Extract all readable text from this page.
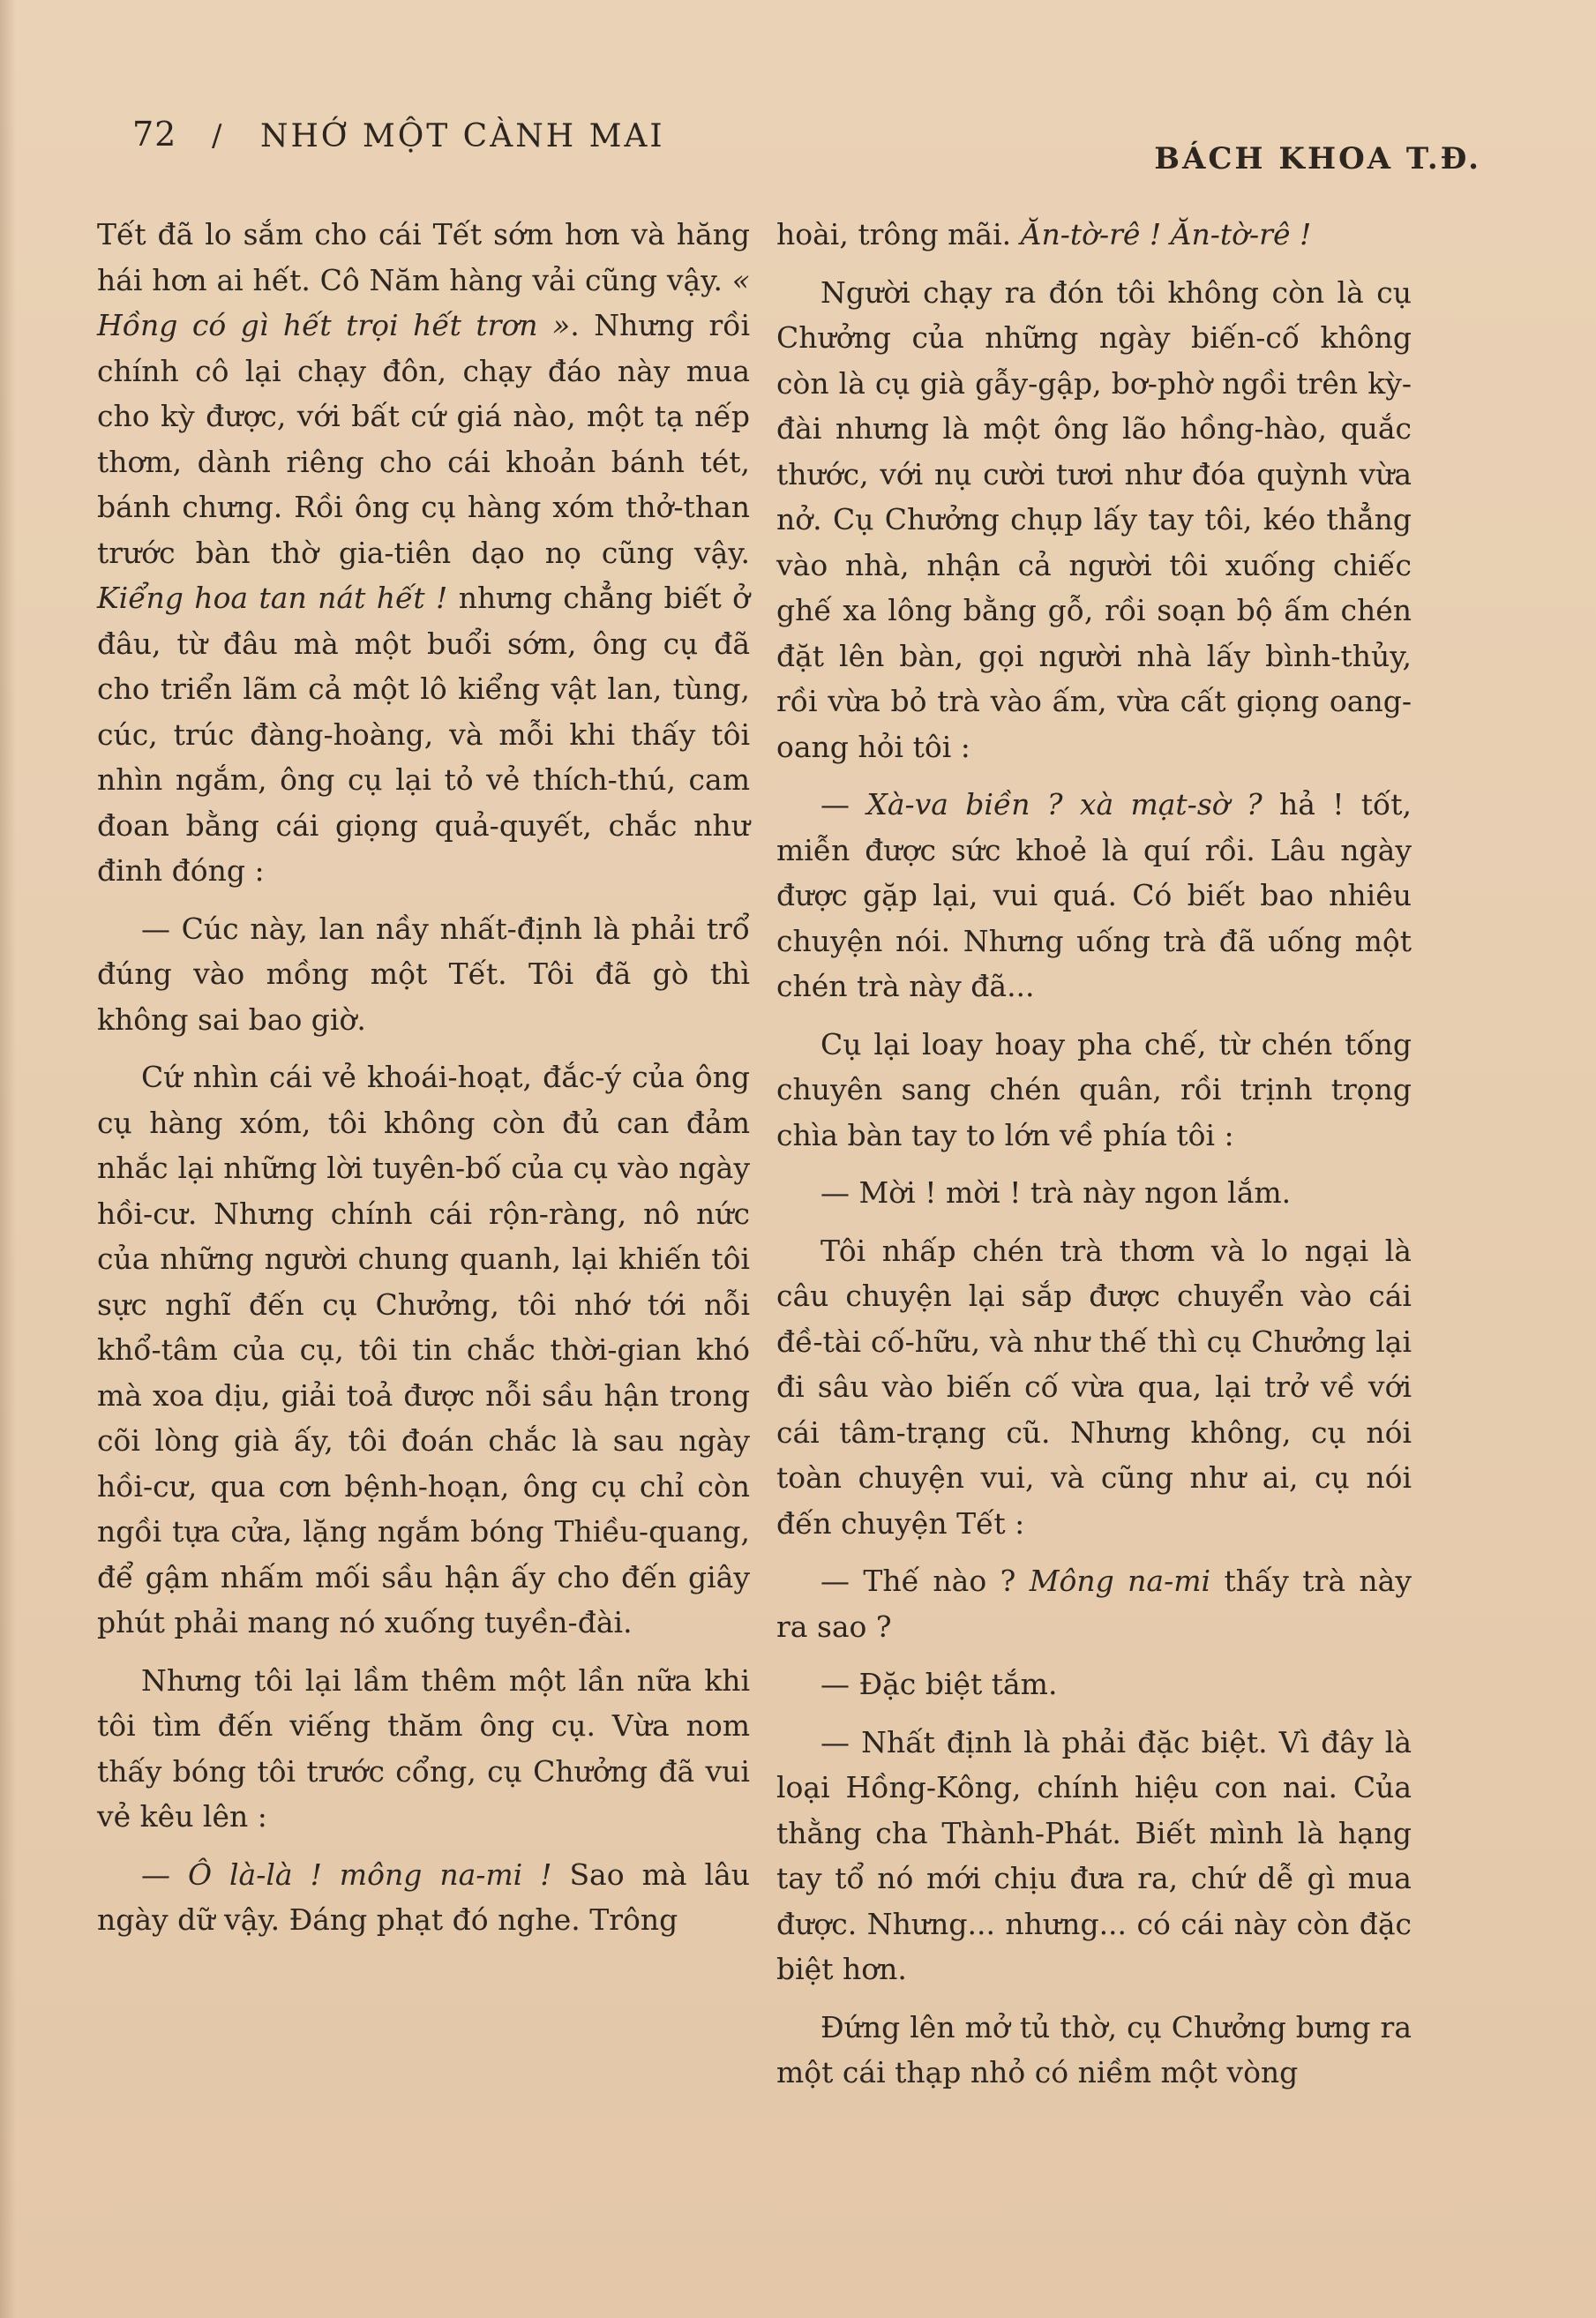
72 / NHỚ MỘT CÀNH MAI
BÁCH KHOA T.Đ.

Tết đã lo sắm cho cái Tết sớm hơn và hăng hái hơn ai hết. Cô Năm hàng vải cũng vậy. « Hồng có gì hết trọi hết trơn ». Nhưng rồi chính cô lại chạy đôn, chạy đáo này mua cho kỳ được, với bất cứ giá nào, một tạ nếp thơm, dành riêng cho cái khoản bánh tét, bánh chưng. Rồi ông cụ hàng xóm thở-than trước bàn thờ gia-tiên dạo nọ cũng vậy. Kiểng hoa tan nát hết ! nhưng chẳng biết ở đâu, từ đâu mà một buổi sớm, ông cụ đã cho triển lãm cả một lô kiểng vật lan, tùng, cúc, trúc đàng-hoàng, và mỗi khi thấy tôi nhìn ngắm, ông cụ lại tỏ vẻ thích-thú, cam đoan bằng cái giọng quả-quyết, chắc như đinh đóng :

— Cúc này, lan nầy nhất-định là phải trổ đúng vào mồng một Tết. Tôi đã gò thì không sai bao giờ.

Cứ nhìn cái vẻ khoái-hoạt, đắc-ý của ông cụ hàng xóm, tôi không còn đủ can đảm nhắc lại những lời tuyên-bố của cụ vào ngày hồi-cư. Nhưng chính cái rộn-ràng, nô nức của những người chung quanh, lại khiến tôi sực nghĩ đến cụ Chưởng, tôi nhớ tới nỗi khổ-tâm của cụ, tôi tin chắc thời-gian khó mà xoa dịu, giải toả được nỗi sầu hận trong cõi lòng già ấy, tôi đoán chắc là sau ngày hồi-cư, qua cơn bệnh-hoạn, ông cụ chỉ còn ngồi tựa cửa, lặng ngắm bóng Thiều-quang, để gậm nhấm mối sầu hận ấy cho đến giây phút phải mang nó xuống tuyền-đài.

Nhưng tôi lại lầm thêm một lần nữa khi tôi tìm đến viếng thăm ông cụ. Vừa nom thấy bóng tôi trước cổng, cụ Chưởng đã vui vẻ kêu lên :

— Ô là-là ! mông na-mi ! Sao mà lâu ngày dữ vậy. Đáng phạt đó nghe. Trông

hoài, trông mãi. Ăn-tờ-rê ! Ăn-tờ-rê !

Người chạy ra đón tôi không còn là cụ Chưởng của những ngày biến-cố không còn là cụ già gẫy-gập, bơ-phờ ngồi trên kỳ-đài nhưng là một ông lão hồng-hào, quắc thước, với nụ cười tươi như đóa quỳnh vừa nở. Cụ Chưởng chụp lấy tay tôi, kéo thẳng vào nhà, nhận cả người tôi xuống chiếc ghế xa lông bằng gỗ, rồi soạn bộ ấm chén đặt lên bàn, gọi người nhà lấy bình-thủy, rồi vừa bỏ trà vào ấm, vừa cất giọng oang-oang hỏi tôi :

— Xà-va biền ? xà mạt-sờ ? hả ! tốt, miễn được sức khoẻ là quí rồi. Lâu ngày được gặp lại, vui quá. Có biết bao nhiêu chuyện nói. Nhưng uống trà đã uống một chén trà này đã...

Cụ lại loay hoay pha chế, từ chén tống chuyên sang chén quân, rồi trịnh trọng chìa bàn tay to lớn về phía tôi :

— Mời ! mời ! trà này ngon lắm.

Tôi nhấp chén trà thơm và lo ngại là câu chuyện lại sắp được chuyển vào cái đề-tài cố-hữu, và như thế thì cụ Chưởng lại đi sâu vào biến cố vừa qua, lại trở về với cái tâm-trạng cũ. Nhưng không, cụ nói toàn chuyện vui, và cũng như ai, cụ nói đến chuyện Tết :

— Thế nào ? Mông na-mi thấy trà này ra sao ?

— Đặc biệt tắm.

— Nhất định là phải đặc biệt. Vì đây là loại Hồng-Kông, chính hiệu con nai. Của thằng cha Thành-Phát. Biết mình là hạng tay tổ nó mới chịu đưa ra, chứ dễ gì mua được. Nhưng... nhưng... có cái này còn đặc biệt hơn.

Đứng lên mở tủ thờ, cụ Chưởng bưng ra một cái thạp nhỏ có niềm một vòng
